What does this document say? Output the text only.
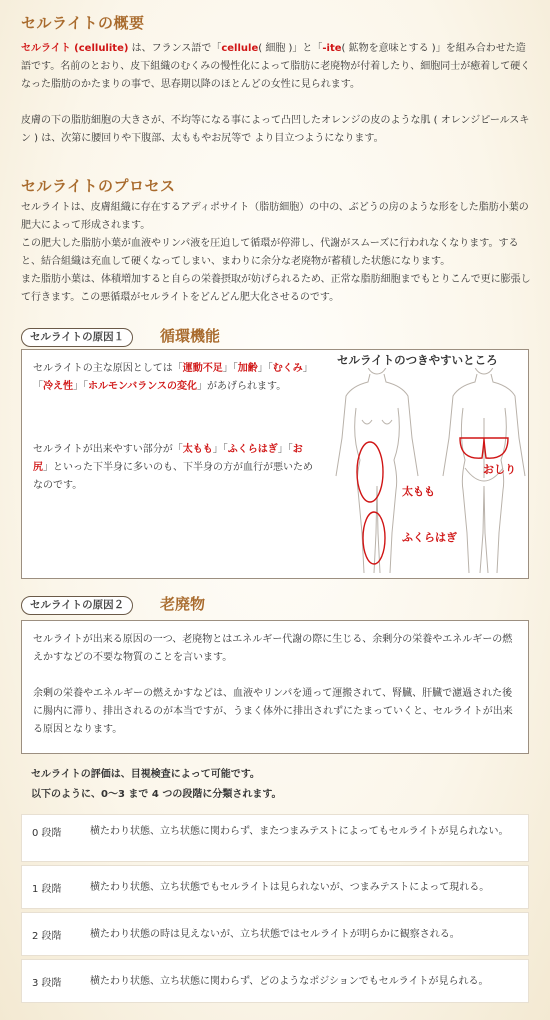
セルライトの概要
セルライト (cellulite) は、フランス語で「cellule( 細胞 )」と「-ite( 鉱物を意味とする )」を組み合わせた造語です。名前のとおり、皮下組織のむくみの慢性化によって脂肪に老廃物が付着したり、細胞同士が癒着して硬くなった脂肪のかたまりの事で、思春期以降のほとんどの女性に見られます。
皮膚の下の脂肪細胞の大きさが、不均等になる事によって凸凹したオレンジの皮のような肌 ( オレンジピールスキン ) は、次第に腰回りや下腹部、太ももやお尻等で より目立つようになります。
セルライトのプロセス
セルライトは、皮膚組織に存在するアディポサイト（脂肪細胞）の中の、ぶどうの房のような形をした脂肪小葉の肥大によって形成されます。
この肥大した脂肪小葉が血液やリンパ液を圧迫して循環が停滞し、代謝がスムーズに行われなくなります。すると、結合組織は充血して硬くなってしまい、まわりに余分な老廃物が蓄積した状態になります。
また脂肪小葉は、体積増加すると自らの栄養摂取が妨げられるため、正常な脂肪細胞までもとりこんで更に膨張して行きます。この悪循環がセルライトをどんどん肥大化させるのです。
セルライトの原因１	循環機能
セルライトの主な原因としては「運動不足」「加齢」「むくみ」「冷え性」「ホルモンバランスの変化」があげられます。
セルライトが出来やすい部分が「太もも」「ふくらはぎ」「お尻」といった下半身に多いのも、下半身の方が血行が悪いためなのです。
セルライトのつきやすいところ
太もも
ふくらはぎ
おしり
セルライトの原因２	老廃物
セルライトが出来る原因の一つ、老廃物とはエネルギー代謝の際に生じる、余剰分の栄養やエネルギーの燃えかすなどの不要な物質のことを言います。
余剰の栄養やエネルギーの燃えかすなどは、血液やリンパを通って運搬されて、腎臓、肝臓で濾過された後に腸内に滞り、排出されるのが本当ですが、うまく体外に排出されずにたまっていくと、セルライトが出来る原因となります。
セルライトの評価は、目視検査によって可能です。
以下のように、0〜3 まで 4 つの段階に分類されます。
0 段階	横たわり状態、立ち状態に関わらず、またつまみテストによってもセルライトが見られない。
1 段階	横たわり状態、立ち状態でもセルライトは見られないが、つまみテストによって現れる。
2 段階	横たわり状態の時は見えないが、立ち状態ではセルライトが明らかに観察される。
3 段階	横たわり状態、立ち状態に関わらず、どのようなポジションでもセルライトが見られる。
